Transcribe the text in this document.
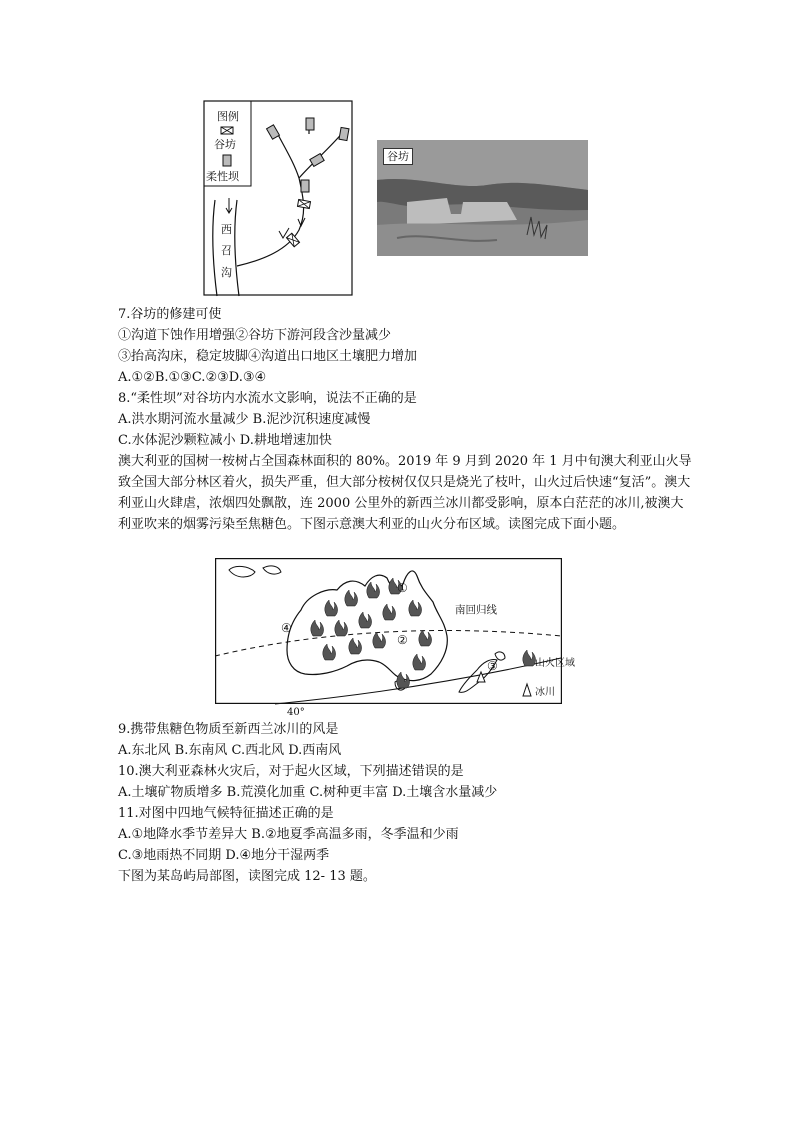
图例
谷坊
柔性坝
西
召
沟
谷坊
7.谷坊的修建可使
①沟道下蚀作用增强②谷坊下游河段含沙量减少
③抬高沟床，稳定坡脚④沟道出口地区土壤肥力增加
A.①②B.①③C.②③D.③④
8.“柔性坝”对谷坊内水流水文影响，说法不正确的是
A.洪水期河流水量减少 B.泥沙沉积速度减慢
C.水体泥沙颗粒减小 D.耕地增速加快
澳大利亚的国树一桉树占全国森林面积的 80%。2019 年 9 月到 2020 年 1 月中旬澳大利亚山火导致全国大部分林区着火，损失严重，但大部分桉树仅仅只是烧光了枝叶，山火过后快速“复活”。澳大利亚山火肆虐，浓烟四处飘散，连 2000 公里外的新西兰冰川都受影响，原本白茫茫的冰川,被澳大利亚吹来的烟雾污染至焦糖色。下图示意澳大利亚的山火分布区域。读图完成下面小题。
①
②
③
④
南回归线
40°
山火区域
冰川
9.携带焦糖色物质至新西兰冰川的风是
A.东北风 B.东南风 C.西北风 D.西南风
10.澳大利亚森林火灾后，对于起火区域，下列描述错误的是
A.土壤矿物质增多 B.荒漠化加重 C.树种更丰富 D.土壤含水量减少
11.对图中四地气候特征描述正确的是
A.①地降水季节差异大 B.②地夏季高温多雨，冬季温和少雨
C.③地雨热不同期 D.④地分干湿两季
下图为某岛屿局部图，读图完成 12- 13 题。
